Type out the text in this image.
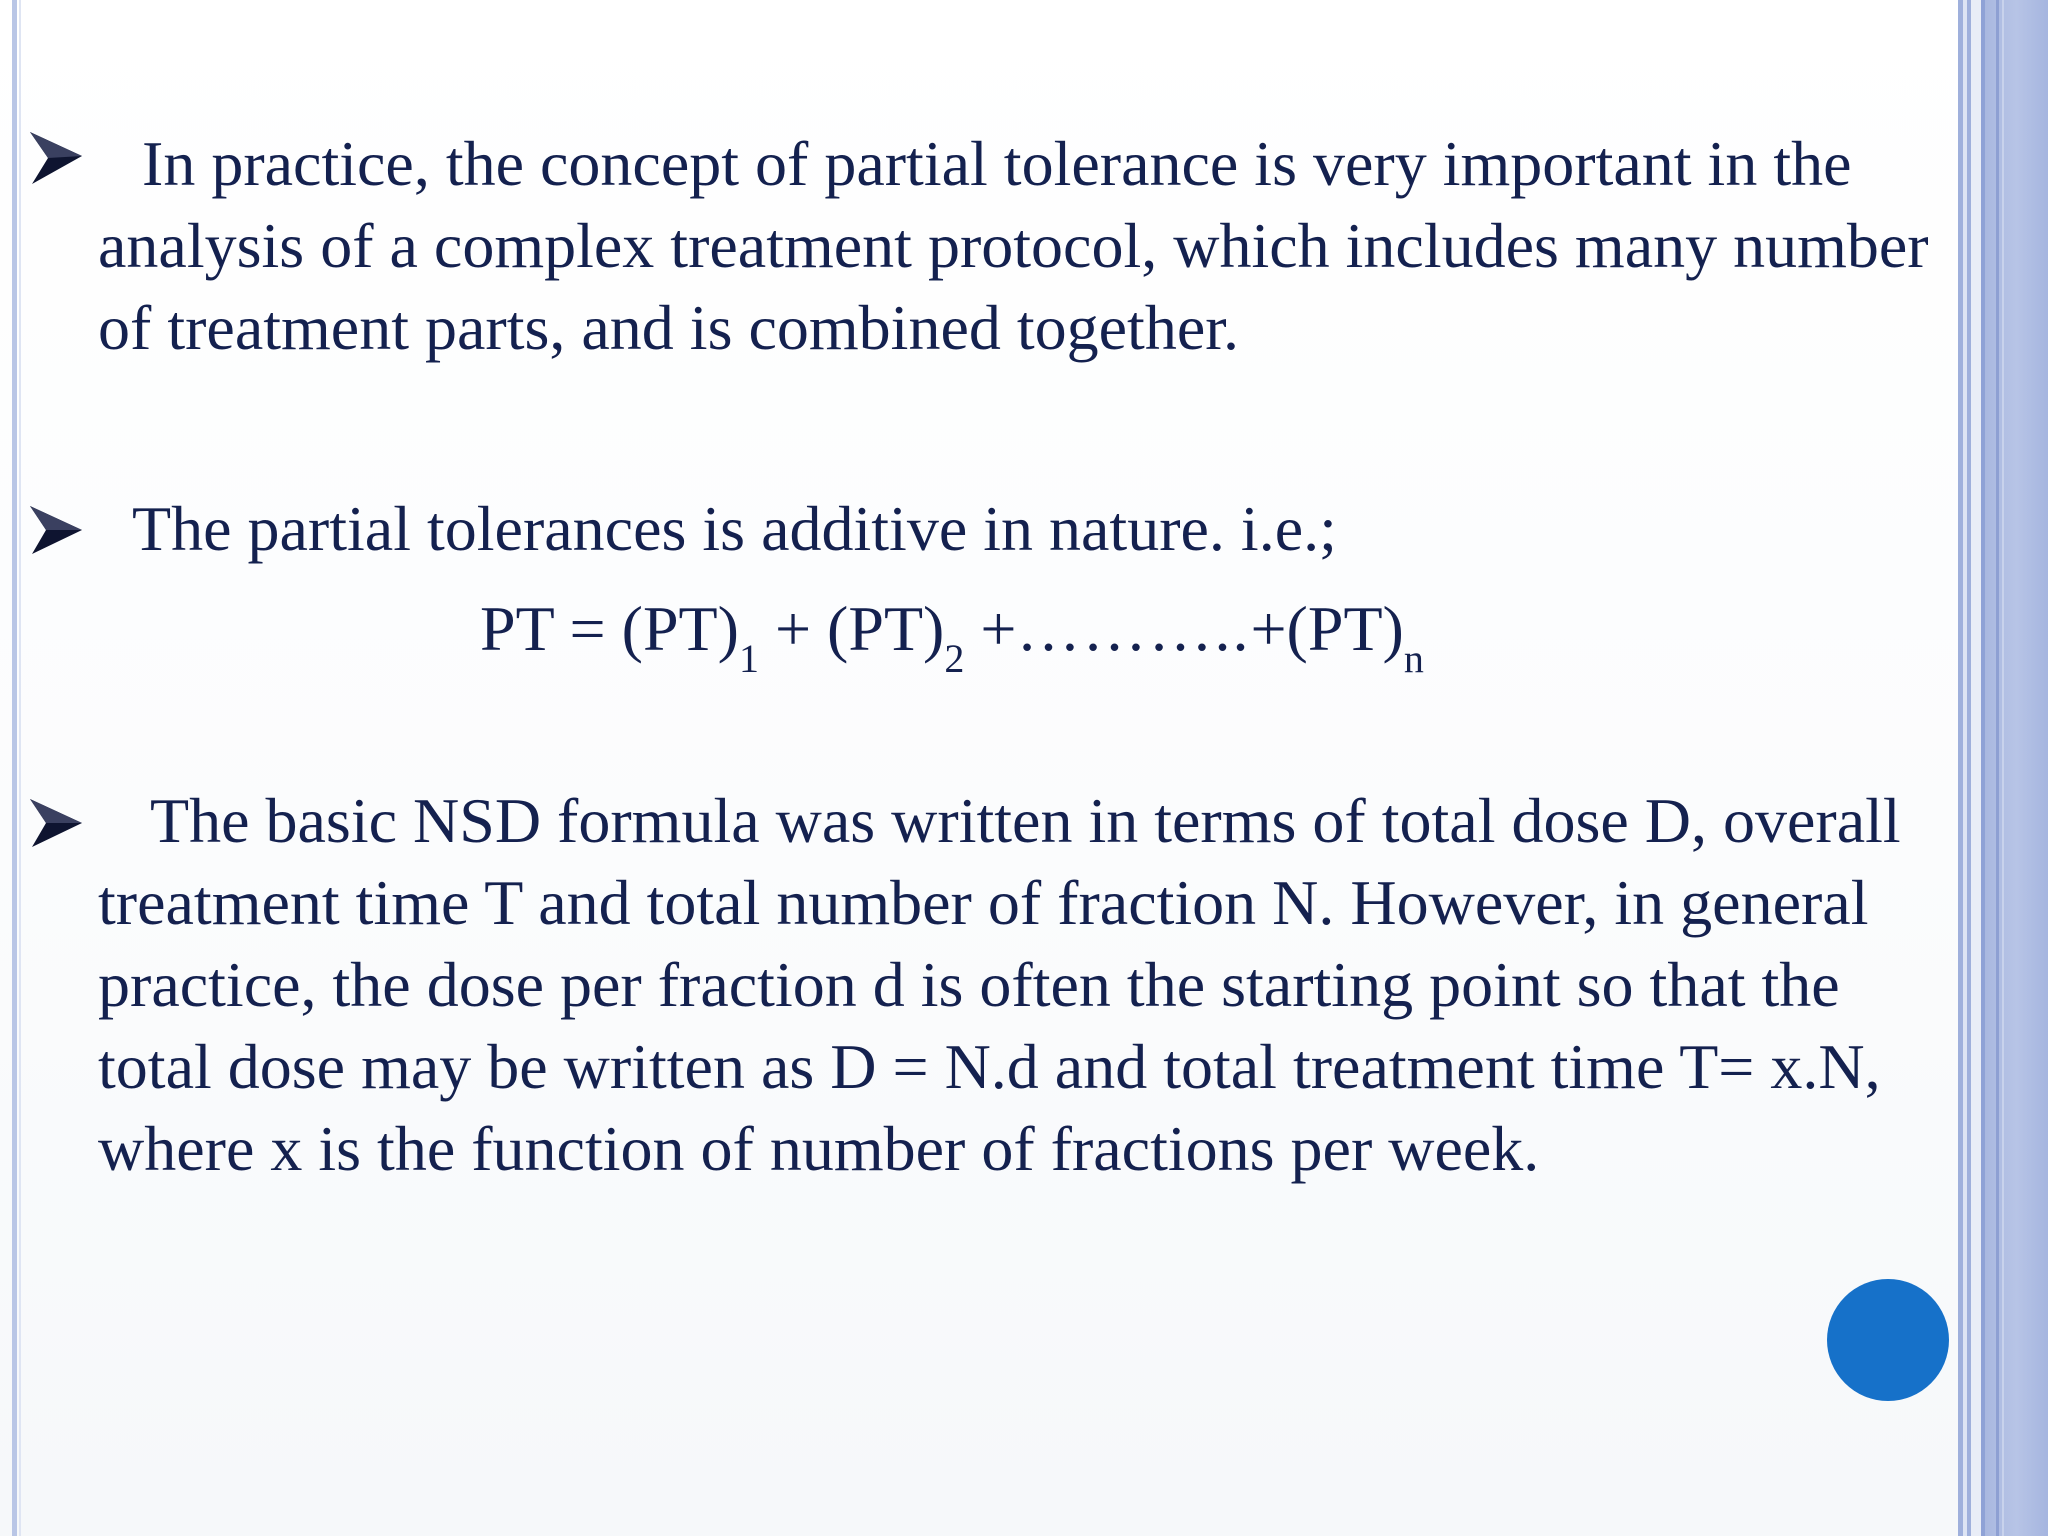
In practice, the concept of partial tolerance is very important in the analysis of a complex treatment protocol, which includes many number of treatment parts, and is combined together.
The partial tolerances is additive in nature. i.e.;
PT = $(PT)_1 + (PT)_2$ $+\dots\dots\dots..+(PT)_n$
The basic NSD formula was written in terms of total dose D, overall treatment time T and total number of fraction N. However, in general practice, the dose per fraction d is often the starting point so that the total dose may be written as D = N.d and total treatment time T= x.N, where x is the function of number of fractions per week.
